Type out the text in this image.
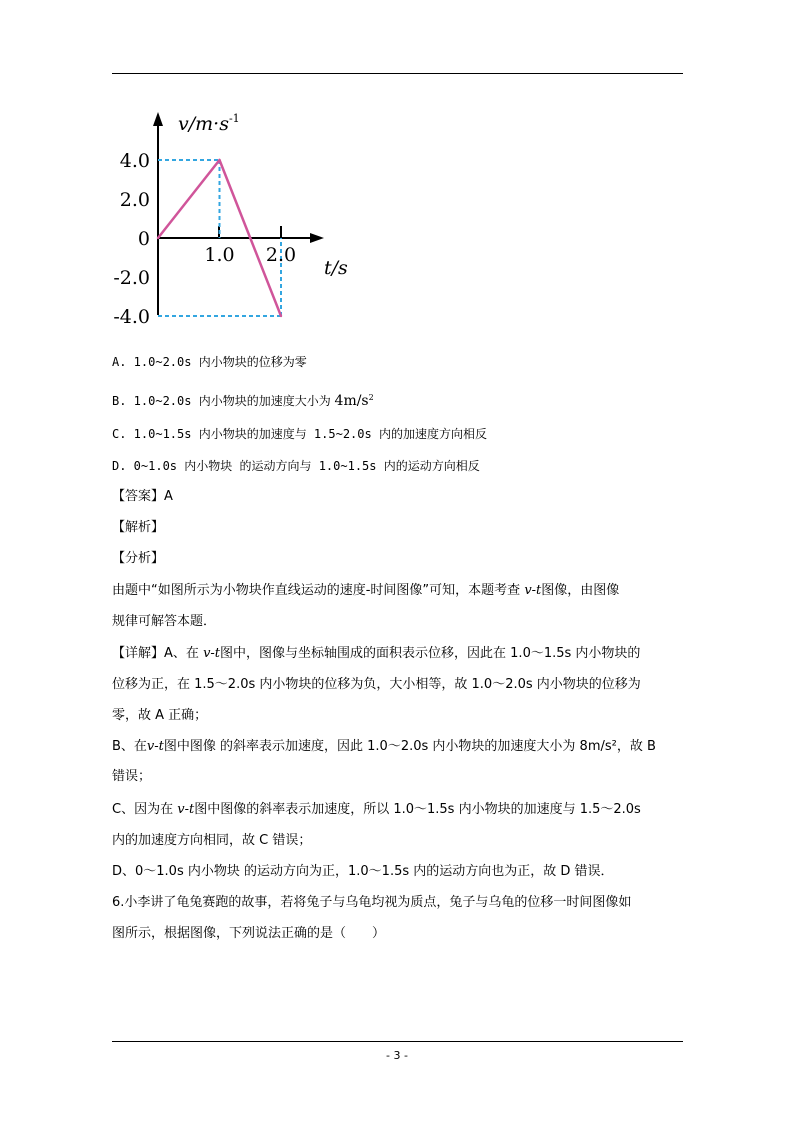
4.0
2.0
0
-2.0
-4.0
1.0 2.0
$v/m\cdot s^{-1}$
t/s
A. 1.0~2.0s 内小物块的位移为零
B. 1.0~2.0s 内小物块的加速度大小为 $4m/s^2$
C. 1.0~1.5s 内小物块的加速度与 1.5~2.0s 内的加速度方向相反
D. 0~1.0s 内小物块 的运动方向与 1.0~1.5s 内的运动方向相反
【答案】A
【解析】
【分析】
由题中“如图所示为小物块作直线运动的速度-时间图像”可知，本题考查 v-t图像，由图像
规律可解答本题．
【详解】A、在 v-t图中，图像与坐标轴围成的面积表示位移，因此在 1.0～1.5s 内小物块的
位移为正，在 1.5～2.0s 内小物块的位移为负，大小相等，故 1.0～2.0s 内小物块的位移为
零，故 A 正确；
B、在v-t图中图像 的斜率表示加速度，因此 1.0～2.0s 内小物块的加速度大小为 8m/s²，故 B
错误；
C、因为在 v-t图中图像的斜率表示加速度，所以 1.0～1.5s 内小物块的加速度与 1.5～2.0s
内的加速度方向相同，故 C 错误；
D、0～1.0s 内小物块 的运动方向为正，1.0～1.5s 内的运动方向也为正，故 D 错误．
6.小李讲了龟兔赛跑的故事，若将兔子与乌龟均视为质点，兔子与乌龟的位移一时间图像如
图所示，根据图像，下列说法正确的是（　　）
- 3 -
